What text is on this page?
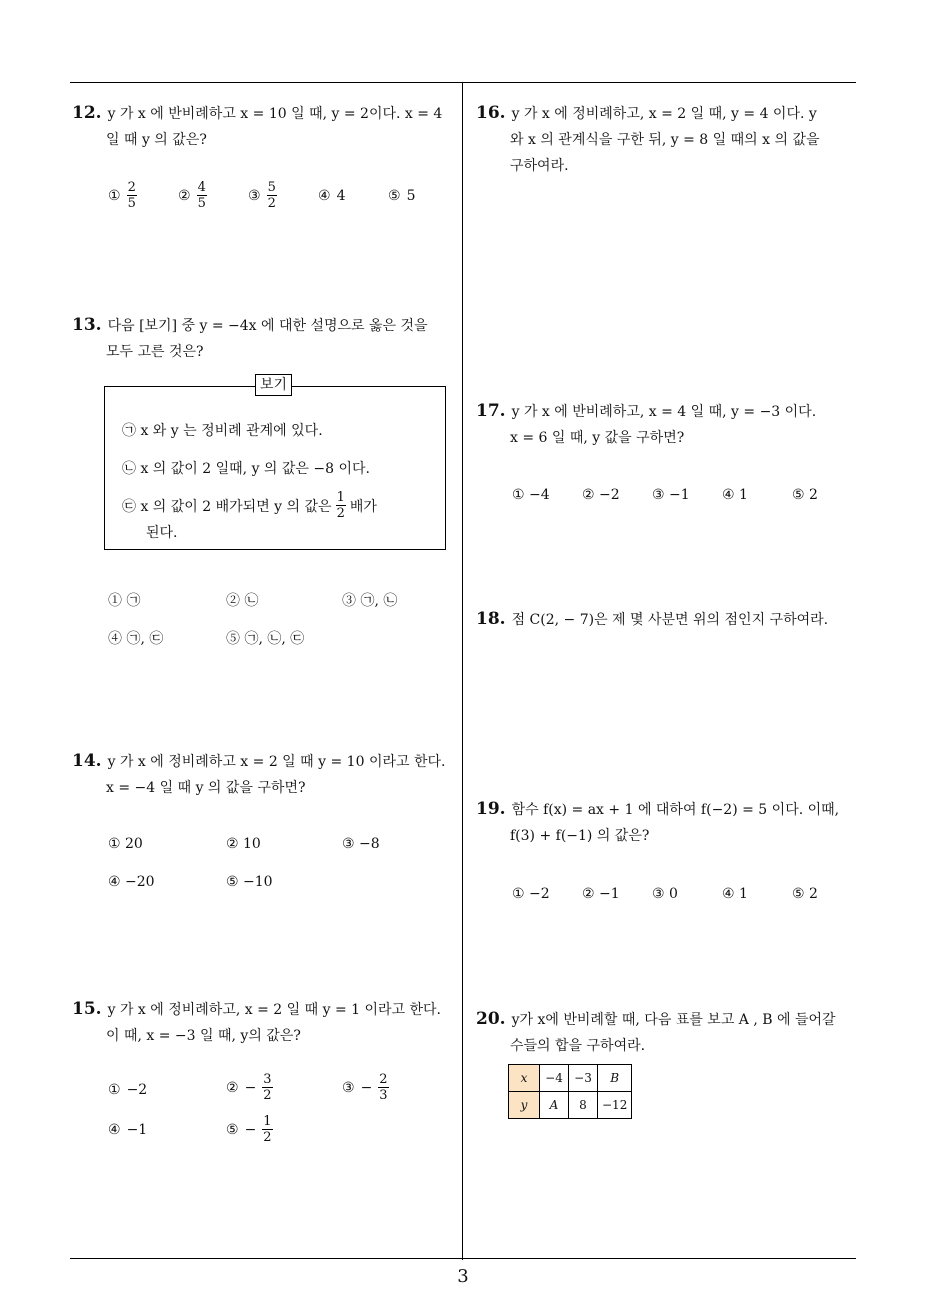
12. y 가 x 에 반비례하고 x = 10 일 때, y = 2이다. x = 4
일 때 y 의 값은?
① $\frac{2}{5}$	② $\frac{4}{5}$	③ $\frac{5}{2}$	④ 4	⑤ 5
13. 다음 [보기] 중 y = −4x 에 대한 설명으로 옳은 것을
모두 고른 것은?
보기
㉠ x 와 y 는 정비례 관계에 있다.
㉡ x 의 값이 2 일때, y 의 값은 −8 이다.
㉢ x 의 값이 2 배가되면 y 의 값은 $\frac{1}{2}$ 배가
된다.
① ㉠	② ㉡	③ ㉠, ㉡
④ ㉠, ㉢	⑤ ㉠, ㉡, ㉢
14. y 가 x 에 정비례하고 x = 2 일 때 y = 10 이라고 한다.
x = −4 일 때 y 의 값을 구하면?
① 20	② 10	③ −8
④ −20	⑤ −10
15. y 가 x 에 정비례하고, x = 2 일 때 y = 1 이라고 한다.
이 때, x = −3 일 때, y의 값은?
① −2	② − $\frac{3}{2}$	③ − $\frac{2}{3}$
④ −1	⑤ − $\frac{1}{2}$
16. y 가 x 에 정비례하고, x = 2 일 때, y = 4 이다. y
와 x 의 관계식을 구한 뒤, y = 8 일 때의 x 의 값을
구하여라.
17. y 가 x 에 반비례하고, x = 4 일 때, y = −3 이다.
x = 6 일 때, y 값을 구하면?
① −4 ② −2 ③ −1 ④ 1	⑤ 2
18. 점 C(2, − 7)은 제 몇 사분면 위의 점인지 구하여라.
19. 함수 f(x) = ax + 1 에 대하여 f(−2) = 5 이다. 이때,
f(3) + f(−1) 의 값은?
① −2 ② −1 ③ 0	④ 1	⑤ 2
20. y가 x에 반비례할 때, 다음 표를 보고 A , B 에 들어갈
수들의 합을 구하여라.
x	−4	−3	B
y	A	8	−12
3
